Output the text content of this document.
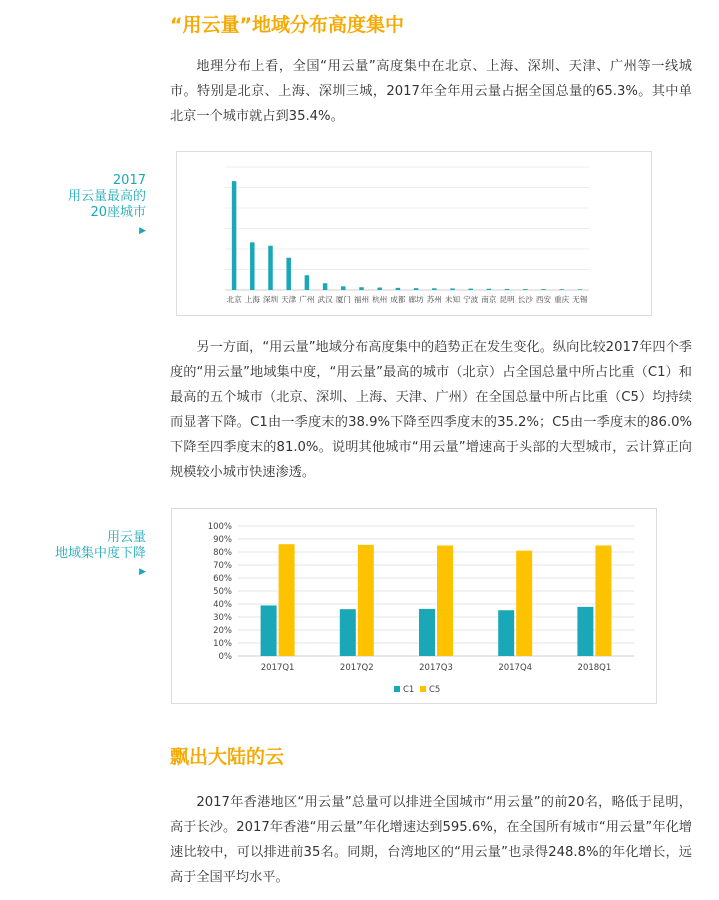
“用云量”地域分布高度集中

地理分布上看，全国“用云量”高度集中在北京、上海、深圳、天津、广州等一线城市。特别是北京、上海、深圳三城，2017年全年用云量占据全国总量的65.3%。其中单北京一个城市就占到35.4%。

2017
用云量最高的
20座城市
▶
北京 上海 深圳 天津 广州 武汉 厦门 福州 杭州 成都 廊坊 苏州 未知 宁波 南京 昆明 长沙 西安 重庆 无锡

另一方面，“用云量”地域分布高度集中的趋势正在发生变化。纵向比较2017年四个季度的“用云量”地域集中度，“用云量”最高的城市（北京）占全国总量中所占比重（C1）和最高的五个城市（北京、深圳、上海、天津、广州）在全国总量中所占比重（C5）均持续而显著下降。C1由一季度末的38.9%下降至四季度末的35.2%；C5由一季度末的86.0%下降至四季度末的81.0%。说明其他城市“用云量”增速高于头部的大型城市，云计算正向规模较小城市快速渗透。

用云量
地域集中度下降
▶
0%
10%
20%
30%
40%
50%
60%
70%
80%
90%
100%
2017Q1	2017Q2	2017Q3	2017Q4	2018Q1
C1 C5
飘出大陆的云

2017年香港地区“用云量”总量可以排进全国城市“用云量”的前20名，略低于昆明，高于长沙。2017年香港“用云量”年化增速达到595.6%，在全国所有城市“用云量”年化增速比较中，可以排进前35名。同期，台湾地区的“用云量”也录得248.8%的年化增长，远高于全国平均水平。
